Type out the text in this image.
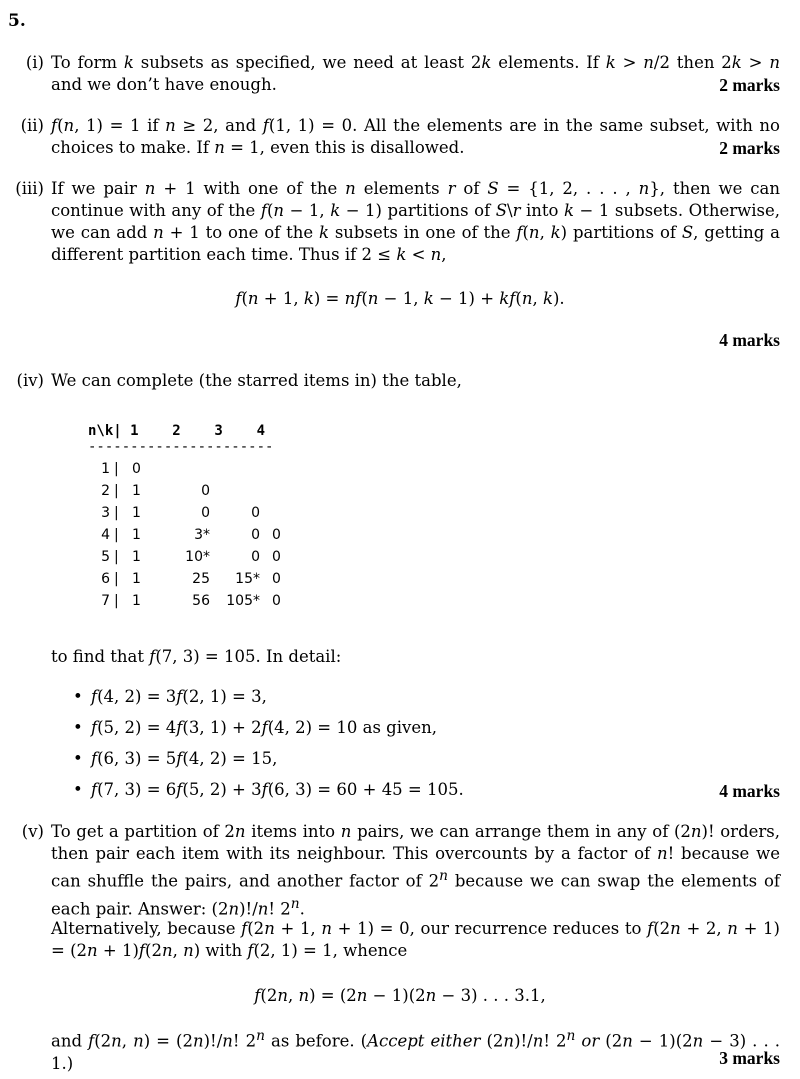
5.
(i) To form k subsets as specified, we need at least 2k elements. If k > n/2 then 2k > n and we don’t have enough.	2 marks
(ii) f(n, 1) = 1 if n ≥ 2, and f(1, 1) = 0. All the elements are in the same subset, with no choices to make. If n = 1, even this is disallowed.	2 marks
(iii) If we pair n + 1 with one of the n elements r of S = {1, 2, . . . , n}, then we can continue with any of the f(n − 1, k − 1) partitions of S\r into k − 1 subsets. Otherwise, we can add n + 1 to one of the k subsets in one of the f(n, k) partitions of S, getting a different partition each time. Thus if 2 ≤ k < n,
f(n + 1, k) = nf(n − 1, k − 1) + kf(n, k).
4 marks
(iv) We can complete (the starred items in) the table,
n\k| 1    2    3    4
----------------------
1 | 0
2 | 1	0
3 | 1	0	0
4 | 1	3*	0 0
5 | 1	10*	0 0
6 | 1	25	15* 0
7 | 1	56	105* 0
to find that f(7, 3) = 105. In detail:
• f(4, 2) = 3f(2, 1) = 3,
• f(5, 2) = 4f(3, 1) + 2f(4, 2) = 10 as given,
• f(6, 3) = 5f(4, 2) = 15,
• f(7, 3) = 6f(5, 2) + 3f(6, 3) = 60 + 45 = 105.	4 marks
(v) To get a partition of 2n items into n pairs, we can arrange them in any of (2n)! orders, then pair each item with its neighbour. This overcounts by a factor of n! because we can shuffle the pairs, and another factor of 2$^n$ because we can swap the elements of each pair. Answer: (2n)!/n! 2$^n$.
Alternatively, because f(2n + 1, n + 1) = 0, our recurrence reduces to f(2n + 2, n + 1) = (2n + 1)f(2n, n) with f(2, 1) = 1, whence
f(2n, n) = (2n − 1)(2n − 3) . . . 3.1,
and f(2n, n) = (2n)!/n! 2$^n$ as before. (Accept either (2n)!/n! 2$^n$ or (2n − 1)(2n − 3) . . . 1.)	3 marks
